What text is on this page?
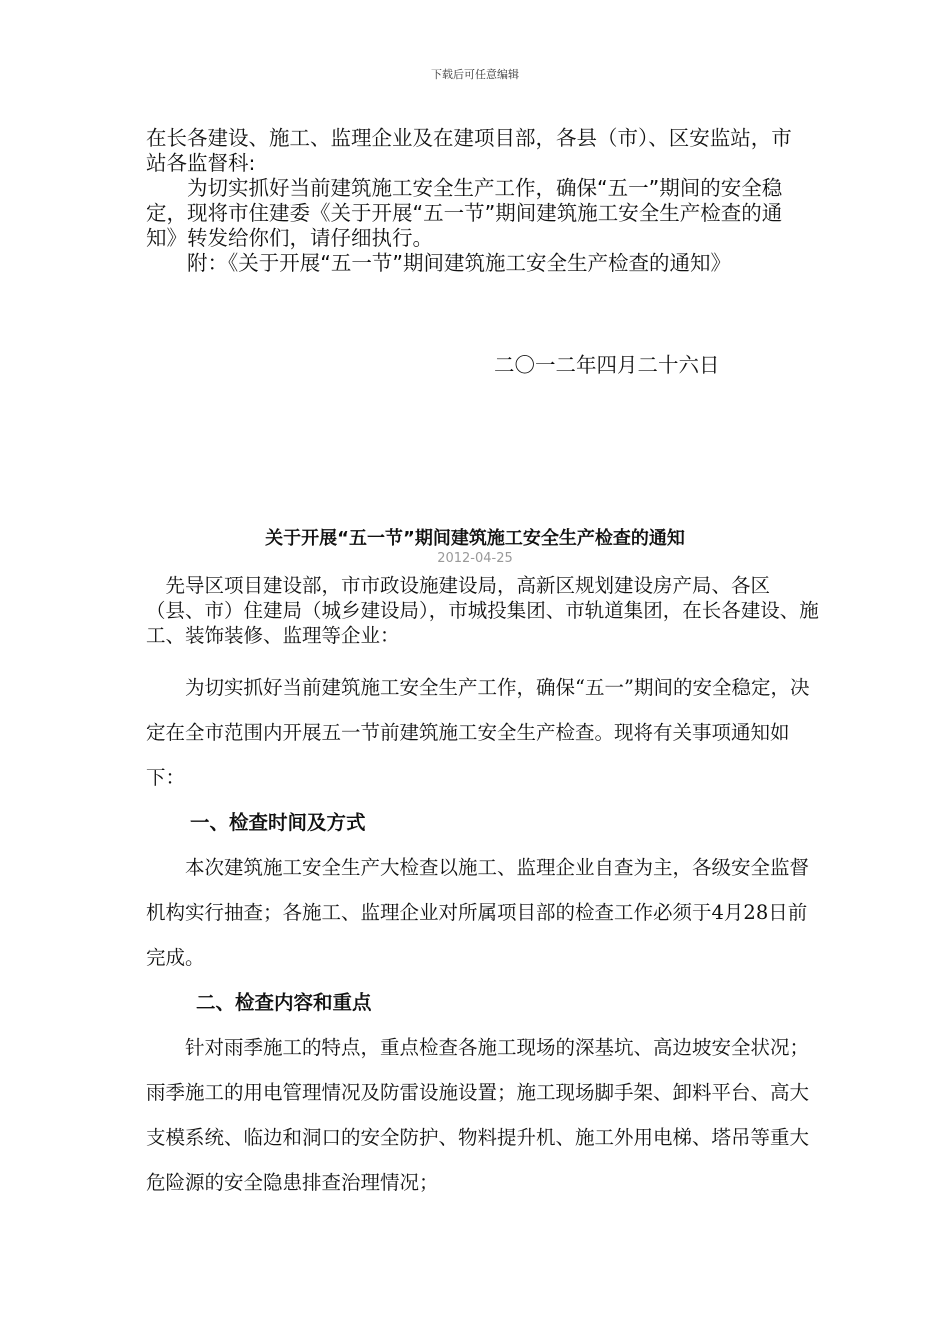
下载后可任意编辑

在长各建设、施工、监理企业及在建项目部，各县（市）、区安监站，市站各监督科:

为切实抓好当前建筑施工安全生产工作，确保“五一”期间的安全稳定，现将市住建委《关于开展“五一节”期间建筑施工安全生产检查的通知》转发给你们，请仔细执行。

附：《关于开展“五一节”期间建筑施工安全生产检查的通知》

二〇一二年四月二十六日
关于开展“五一节”期间建筑施工安全生产检查的通知
2012-04-25

先导区项目建设部，市市政设施建设局，高新区规划建设房产局、各区（县、市）住建局（城乡建设局），市城投集团、市轨道集团，在长各建设、施工、装饰装修、监理等企业：

为切实抓好当前建筑施工安全生产工作，确保“五一”期间的安全稳定，决定在全市范围内开展五一节前建筑施工安全生产检查。现将有关事项通知如下：

一、检查时间及方式

本次建筑施工安全生产大检查以施工、监理企业自查为主，各级安全监督机构实行抽查；各施工、监理企业对所属项目部的检查工作必须于4月28日前完成。

二、检查内容和重点

针对雨季施工的特点，重点检查各施工现场的深基坑、高边坡安全状况；雨季施工的用电管理情况及防雷设施设置；施工现场脚手架、卸料平台、高大支模系统、临边和洞口的安全防护、物料提升机、施工外用电梯、塔吊等重大危险源的安全隐患排查治理情况；
